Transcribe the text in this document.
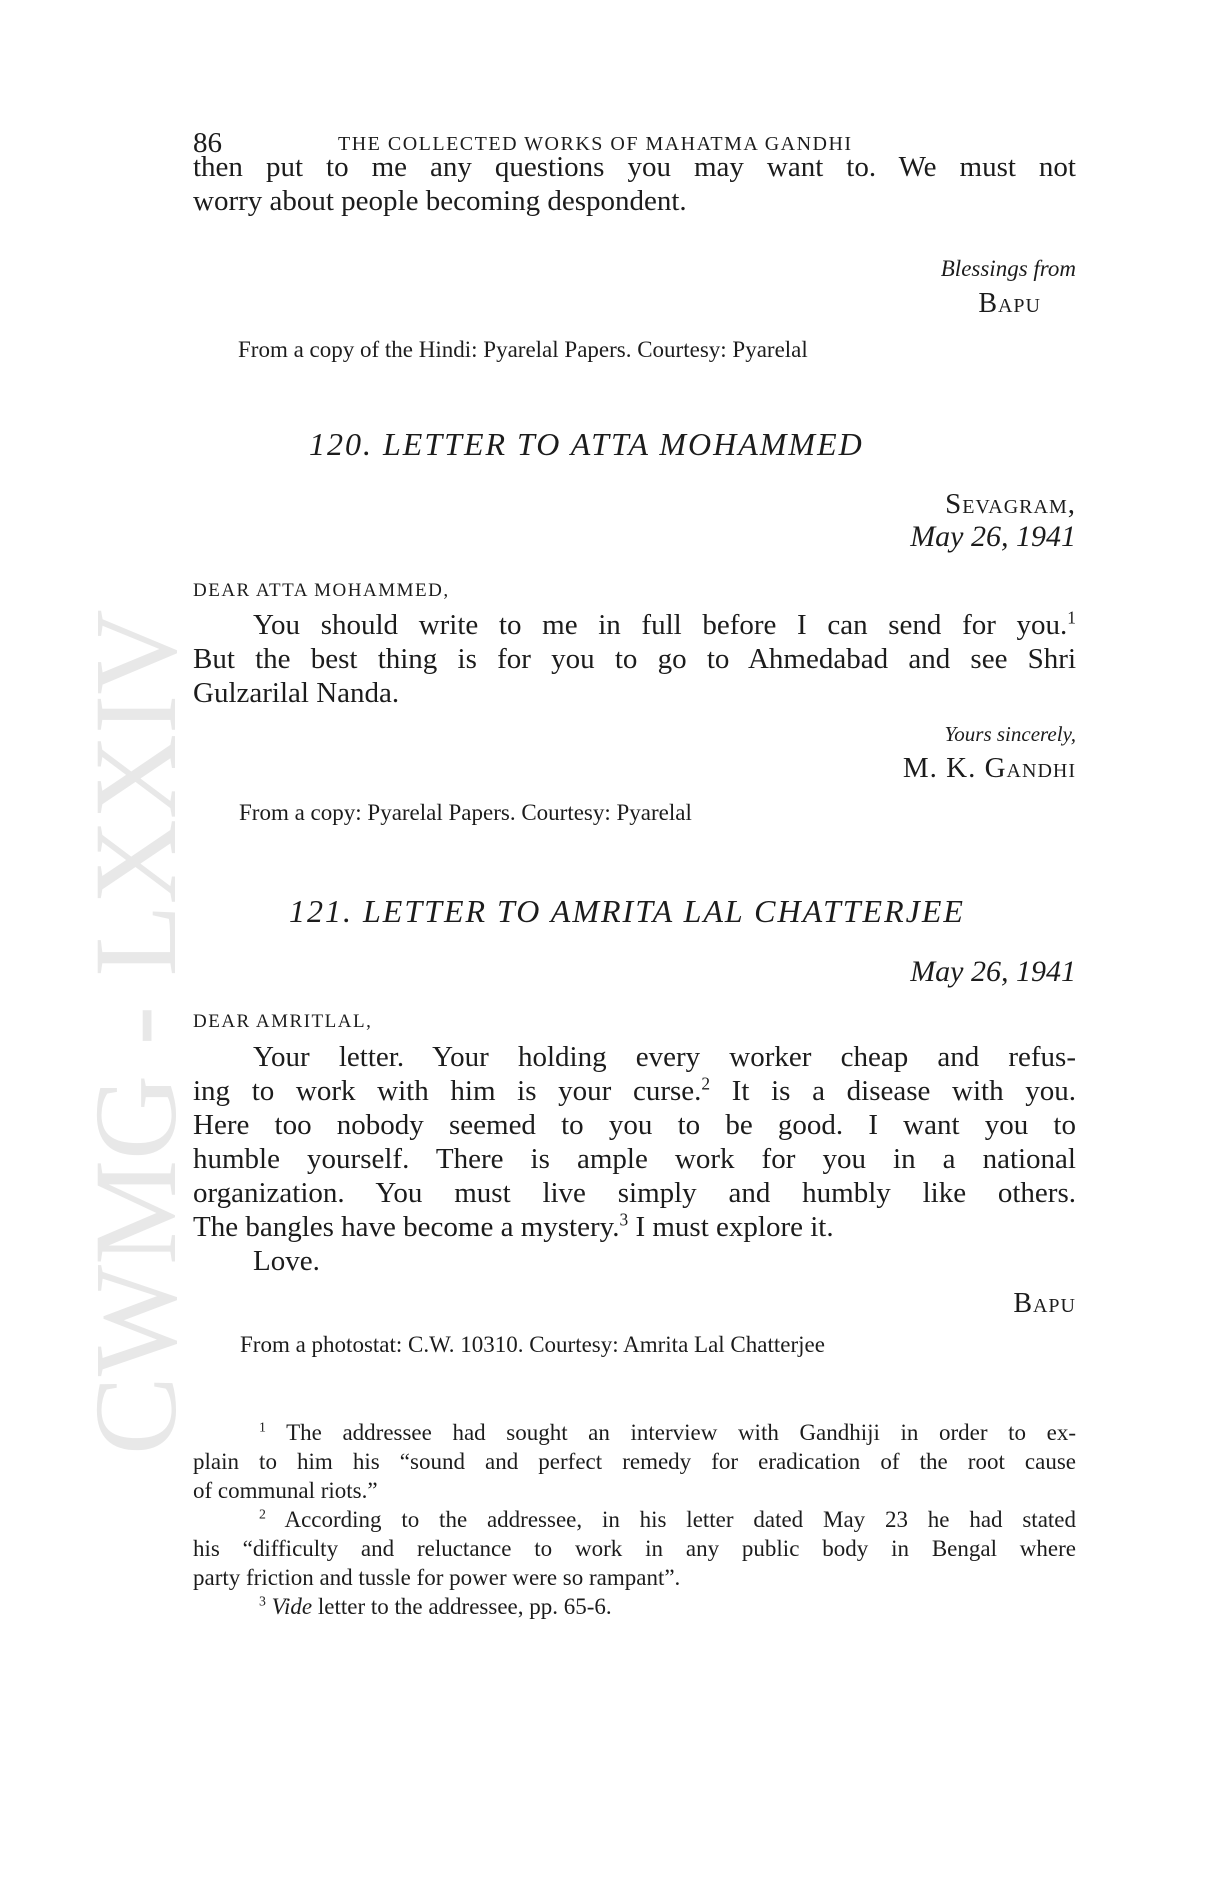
CWMG - LXXIV
86	THE COLLECTED WORKS OF MAHATMA GANDHI
then put to me any questions you may want to. We must not
worry about people becoming despondent.
Blessings from
Bapu
From a copy of the Hindi: Pyarelal Papers. Courtesy: Pyarelal
120. LETTER TO ATTA MOHAMMED
Sevagram,
May 26, 1941
DEAR ATTA MOHAMMED,
You should write to me in full before I can send for you.$^1$
But the best thing is for you to go to Ahmedabad and see Shri
Gulzarilal Nanda.
Yours sincerely,
M. K. Gandhi
From a copy: Pyarelal Papers. Courtesy: Pyarelal
121. LETTER TO AMRITA LAL CHATTERJEE
May 26, 1941
DEAR AMRITLAL,
Your letter. Your holding every worker cheap and refus-
ing to work with him is your curse.$^2$ It is a disease with you.
Here too nobody seemed to you to be good. I want you to
humble yourself. There is ample work for you in a national
organization. You must live simply and humbly like others.
The bangles have become a mystery.$^3$ I must explore it.
Love.
Bapu
From a photostat: C.W. 10310. Courtesy: Amrita Lal Chatterjee
$^1$ The addressee had sought an interview with Gandhiji in order to ex-
plain to him his “sound and perfect remedy for eradication of the root cause
of communal riots.”
$^2$ According to the addressee, in his letter dated May 23 he had stated
his “difficulty and reluctance to work in any public body in Bengal where
party friction and tussle for power were so rampant”.
$^3$ Vide letter to the addressee, pp. 65-6.
